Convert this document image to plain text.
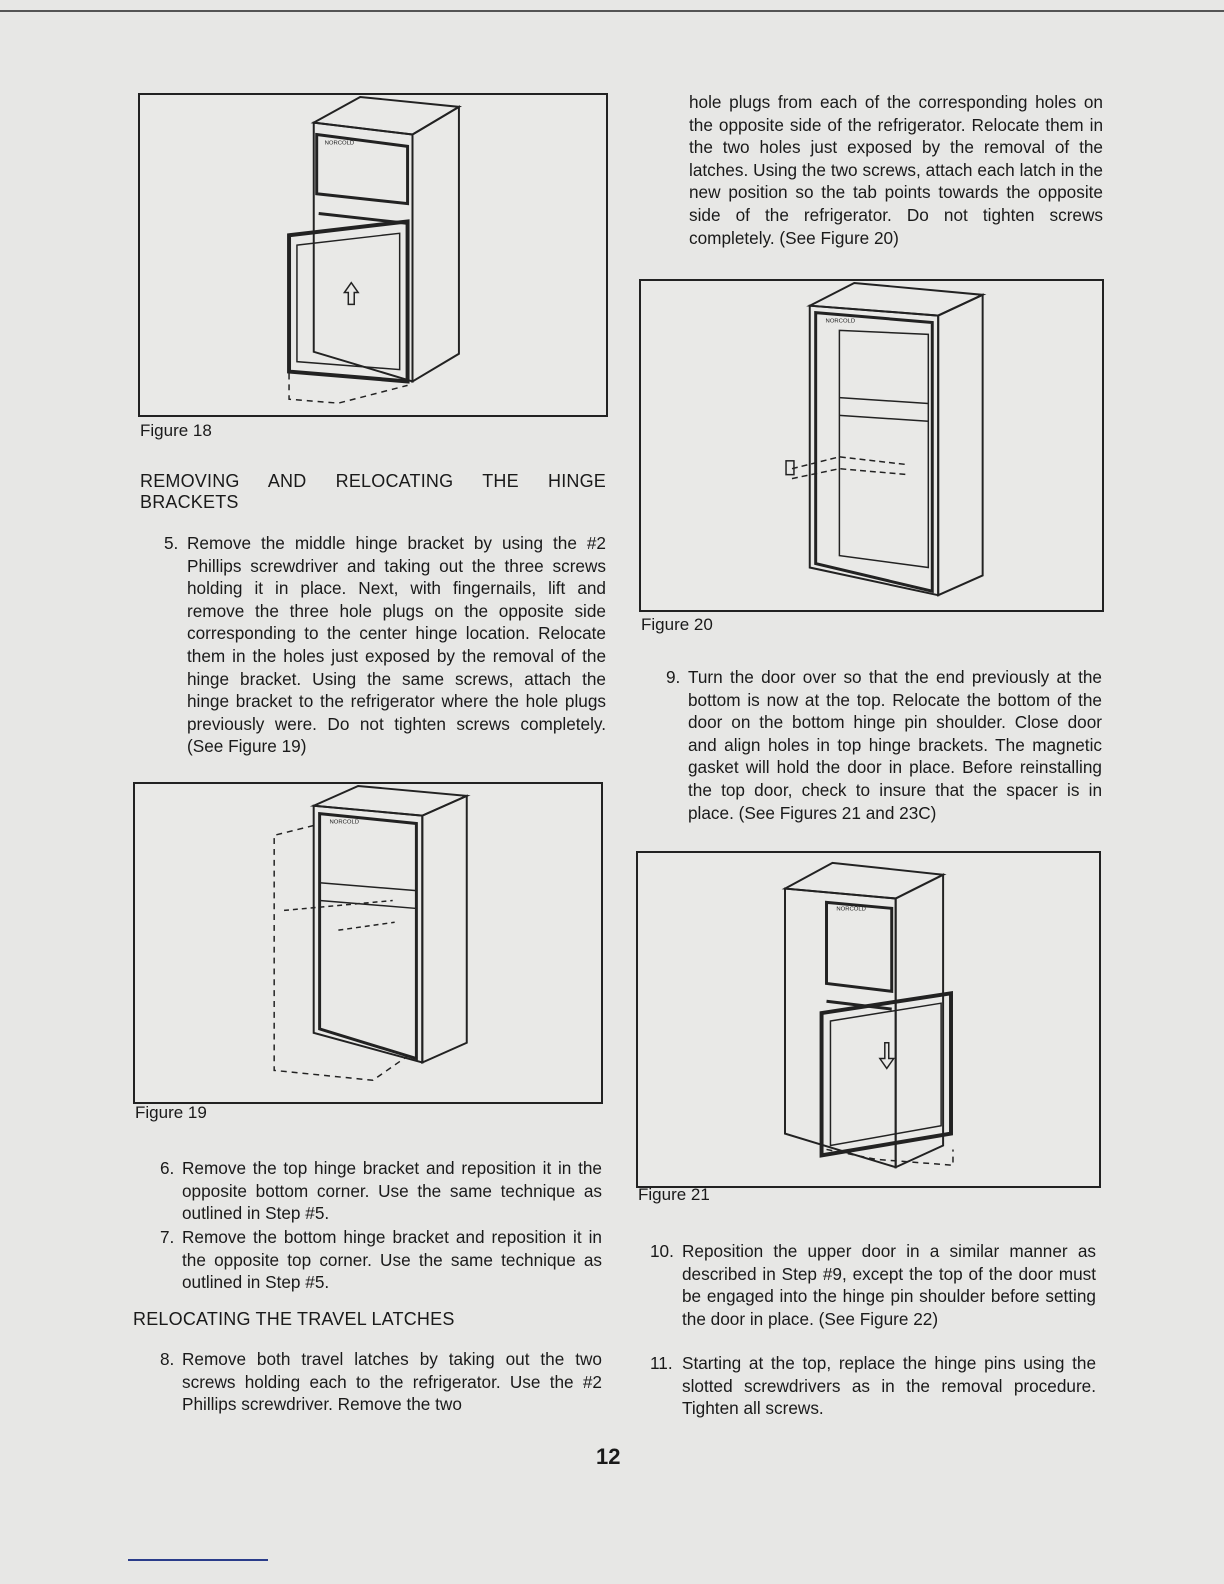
NORCOLD
Figure 18
REMOVING AND RELOCATING THE HINGE BRACKETS
5. Remove the middle hinge bracket by using the #2 Phillips screwdriver and taking out the three screws holding it in place. Next, with fingernails, lift and remove the three hole plugs on the opposite side corresponding to the center hinge location. Relocate them in the holes just exposed by the removal of the hinge bracket. Using the same screws, attach the hinge bracket to the refrigerator where the hole plugs previously were. Do not tighten screws completely. (See Figure 19)
NORCOLD
Figure 19
6. Remove the top hinge bracket and reposition it in the opposite bottom corner. Use the same technique as outlined in Step #5.
7. Remove the bottom hinge bracket and reposition it in the opposite top corner. Use the same technique as outlined in Step #5.
RELOCATING THE TRAVEL LATCHES
8. Remove both travel latches by taking out the two screws holding each to the refrigerator. Use the #2 Phillips screwdriver. Remove the two
hole plugs from each of the corresponding holes on the opposite side of the refrigerator. Relocate them in the two holes just exposed by the removal of the latches. Using the two screws, attach each latch in the new position so the tab points towards the opposite side of the refrigerator. Do not tighten screws completely. (See Figure 20)
NORCOLD
Figure 20
9. Turn the door over so that the end previously at the bottom is now at the top. Relocate the bottom of the door on the bottom hinge pin shoulder. Close door and align holes in top hinge brackets. The magnetic gasket will hold the door in place. Before reinstalling the top door, check to insure that the spacer is in place. (See Figures 21 and 23C)
NORCOLD
Figure 21
10. Reposition the upper door in a similar manner as described in Step #9, except the top of the door must be engaged into the hinge pin shoulder before setting the door in place. (See Figure 22)
11. Starting at the top, replace the hinge pins using the slotted screwdrivers as in the removal procedure. Tighten all screws.
12
